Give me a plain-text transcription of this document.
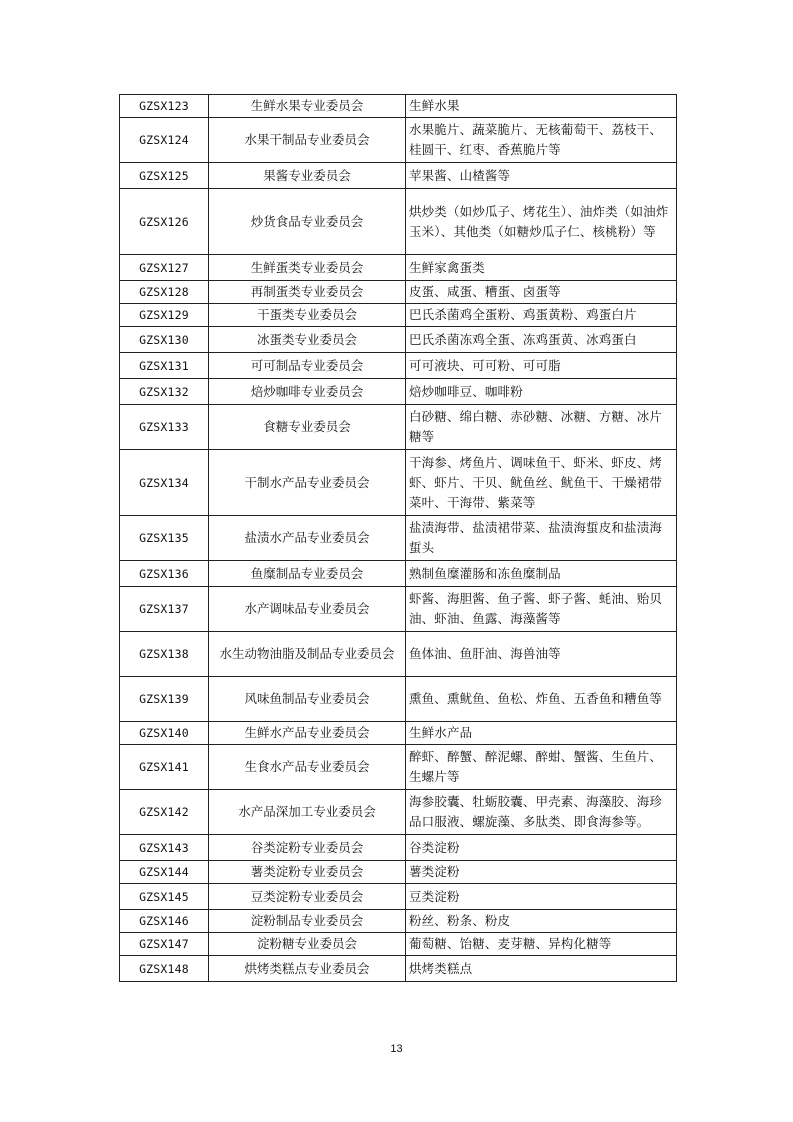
GZSX123	生鲜水果专业委员会	生鲜水果
GZSX124	水果干制品专业委员会	水果脆片、蔬菜脆片、无核葡萄干、荔枝干、桂圆干、红枣、香蕉脆片等
GZSX125	果酱专业委员会	苹果酱、山楂酱等
GZSX126	炒货食品专业委员会	烘炒类（如炒瓜子、烤花生）、油炸类（如油炸玉米）、其他类（如糖炒瓜子仁、核桃粉）等
GZSX127	生鲜蛋类专业委员会	生鲜家禽蛋类
GZSX128	再制蛋类专业委员会	皮蛋、咸蛋、糟蛋、卤蛋等
GZSX129	干蛋类专业委员会	巴氏杀菌鸡全蛋粉、鸡蛋黄粉、鸡蛋白片
GZSX130	冰蛋类专业委员会	巴氏杀菌冻鸡全蛋、冻鸡蛋黄、冰鸡蛋白
GZSX131	可可制品专业委员会	可可液块、可可粉、可可脂
GZSX132	焙炒咖啡专业委员会	焙炒咖啡豆、咖啡粉
GZSX133	食糖专业委员会	白砂糖、绵白糖、赤砂糖、冰糖、方糖、冰片糖等
GZSX134	干制水产品专业委员会	干海参、烤鱼片、调味鱼干、虾米、虾皮、烤虾、虾片、干贝、鱿鱼丝、鱿鱼干、干燥裙带菜叶、干海带、紫菜等
GZSX135	盐渍水产品专业委员会	盐渍海带、盐渍裙带菜、盐渍海蜇皮和盐渍海蜇头
GZSX136	鱼糜制品专业委员会	熟制鱼糜灌肠和冻鱼糜制品
GZSX137	水产调味品专业委员会	虾酱、海胆酱、鱼子酱、虾子酱、蚝油、贻贝油、虾油、鱼露、海藻酱等
GZSX138	水生动物油脂及制品专业委员会	鱼体油、鱼肝油、海兽油等
GZSX139	风味鱼制品专业委员会	熏鱼、熏鱿鱼、鱼松、炸鱼、五香鱼和糟鱼等
GZSX140	生鲜水产品专业委员会	生鲜水产品
GZSX141	生食水产品专业委员会	醉虾、醉蟹、醉泥螺、醉蚶、蟹酱、生鱼片、生螺片等
GZSX142	水产品深加工专业委员会	海参胶囊、牡蛎胶囊、甲壳素、海藻胶、海珍品口服液、螺旋藻、多肽类、即食海参等。
GZSX143	谷类淀粉专业委员会	谷类淀粉
GZSX144	薯类淀粉专业委员会	薯类淀粉
GZSX145	豆类淀粉专业委员会	豆类淀粉
GZSX146	淀粉制品专业委员会	粉丝、粉条、粉皮
GZSX147	淀粉糖专业委员会	葡萄糖、饴糖、麦芽糖、异构化糖等
GZSX148	烘烤类糕点专业委员会	烘烤类糕点
13
